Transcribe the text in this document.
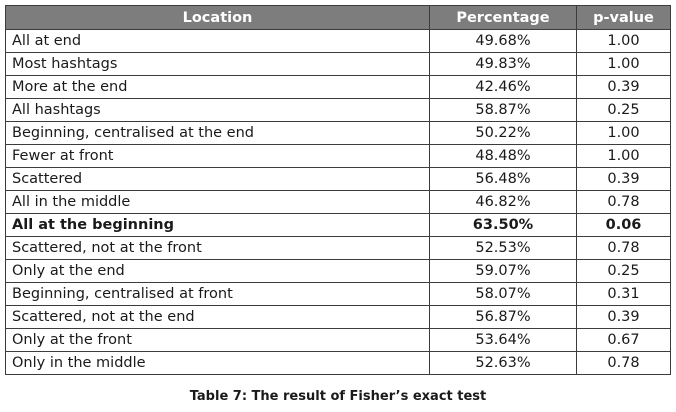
Location	Percentage	p-value
All at end	49.68%	1.00
Most hashtags	49.83%	1.00
More at the end	42.46%	0.39
All hashtags	58.87%	0.25
Beginning, centralised at the end	50.22%	1.00
Fewer at front	48.48%	1.00
Scattered	56.48%	0.39
All in the middle	46.82%	0.78
All at the beginning	63.50%	0.06
Scattered, not at the front	52.53%	0.78
Only at the end	59.07%	0.25
Beginning, centralised at front	58.07%	0.31
Scattered, not at the end	56.87%	0.39
Only at the front	53.64%	0.67
Only in the middle	52.63%	0.78
Table 7: The result of Fisher’s exact test
